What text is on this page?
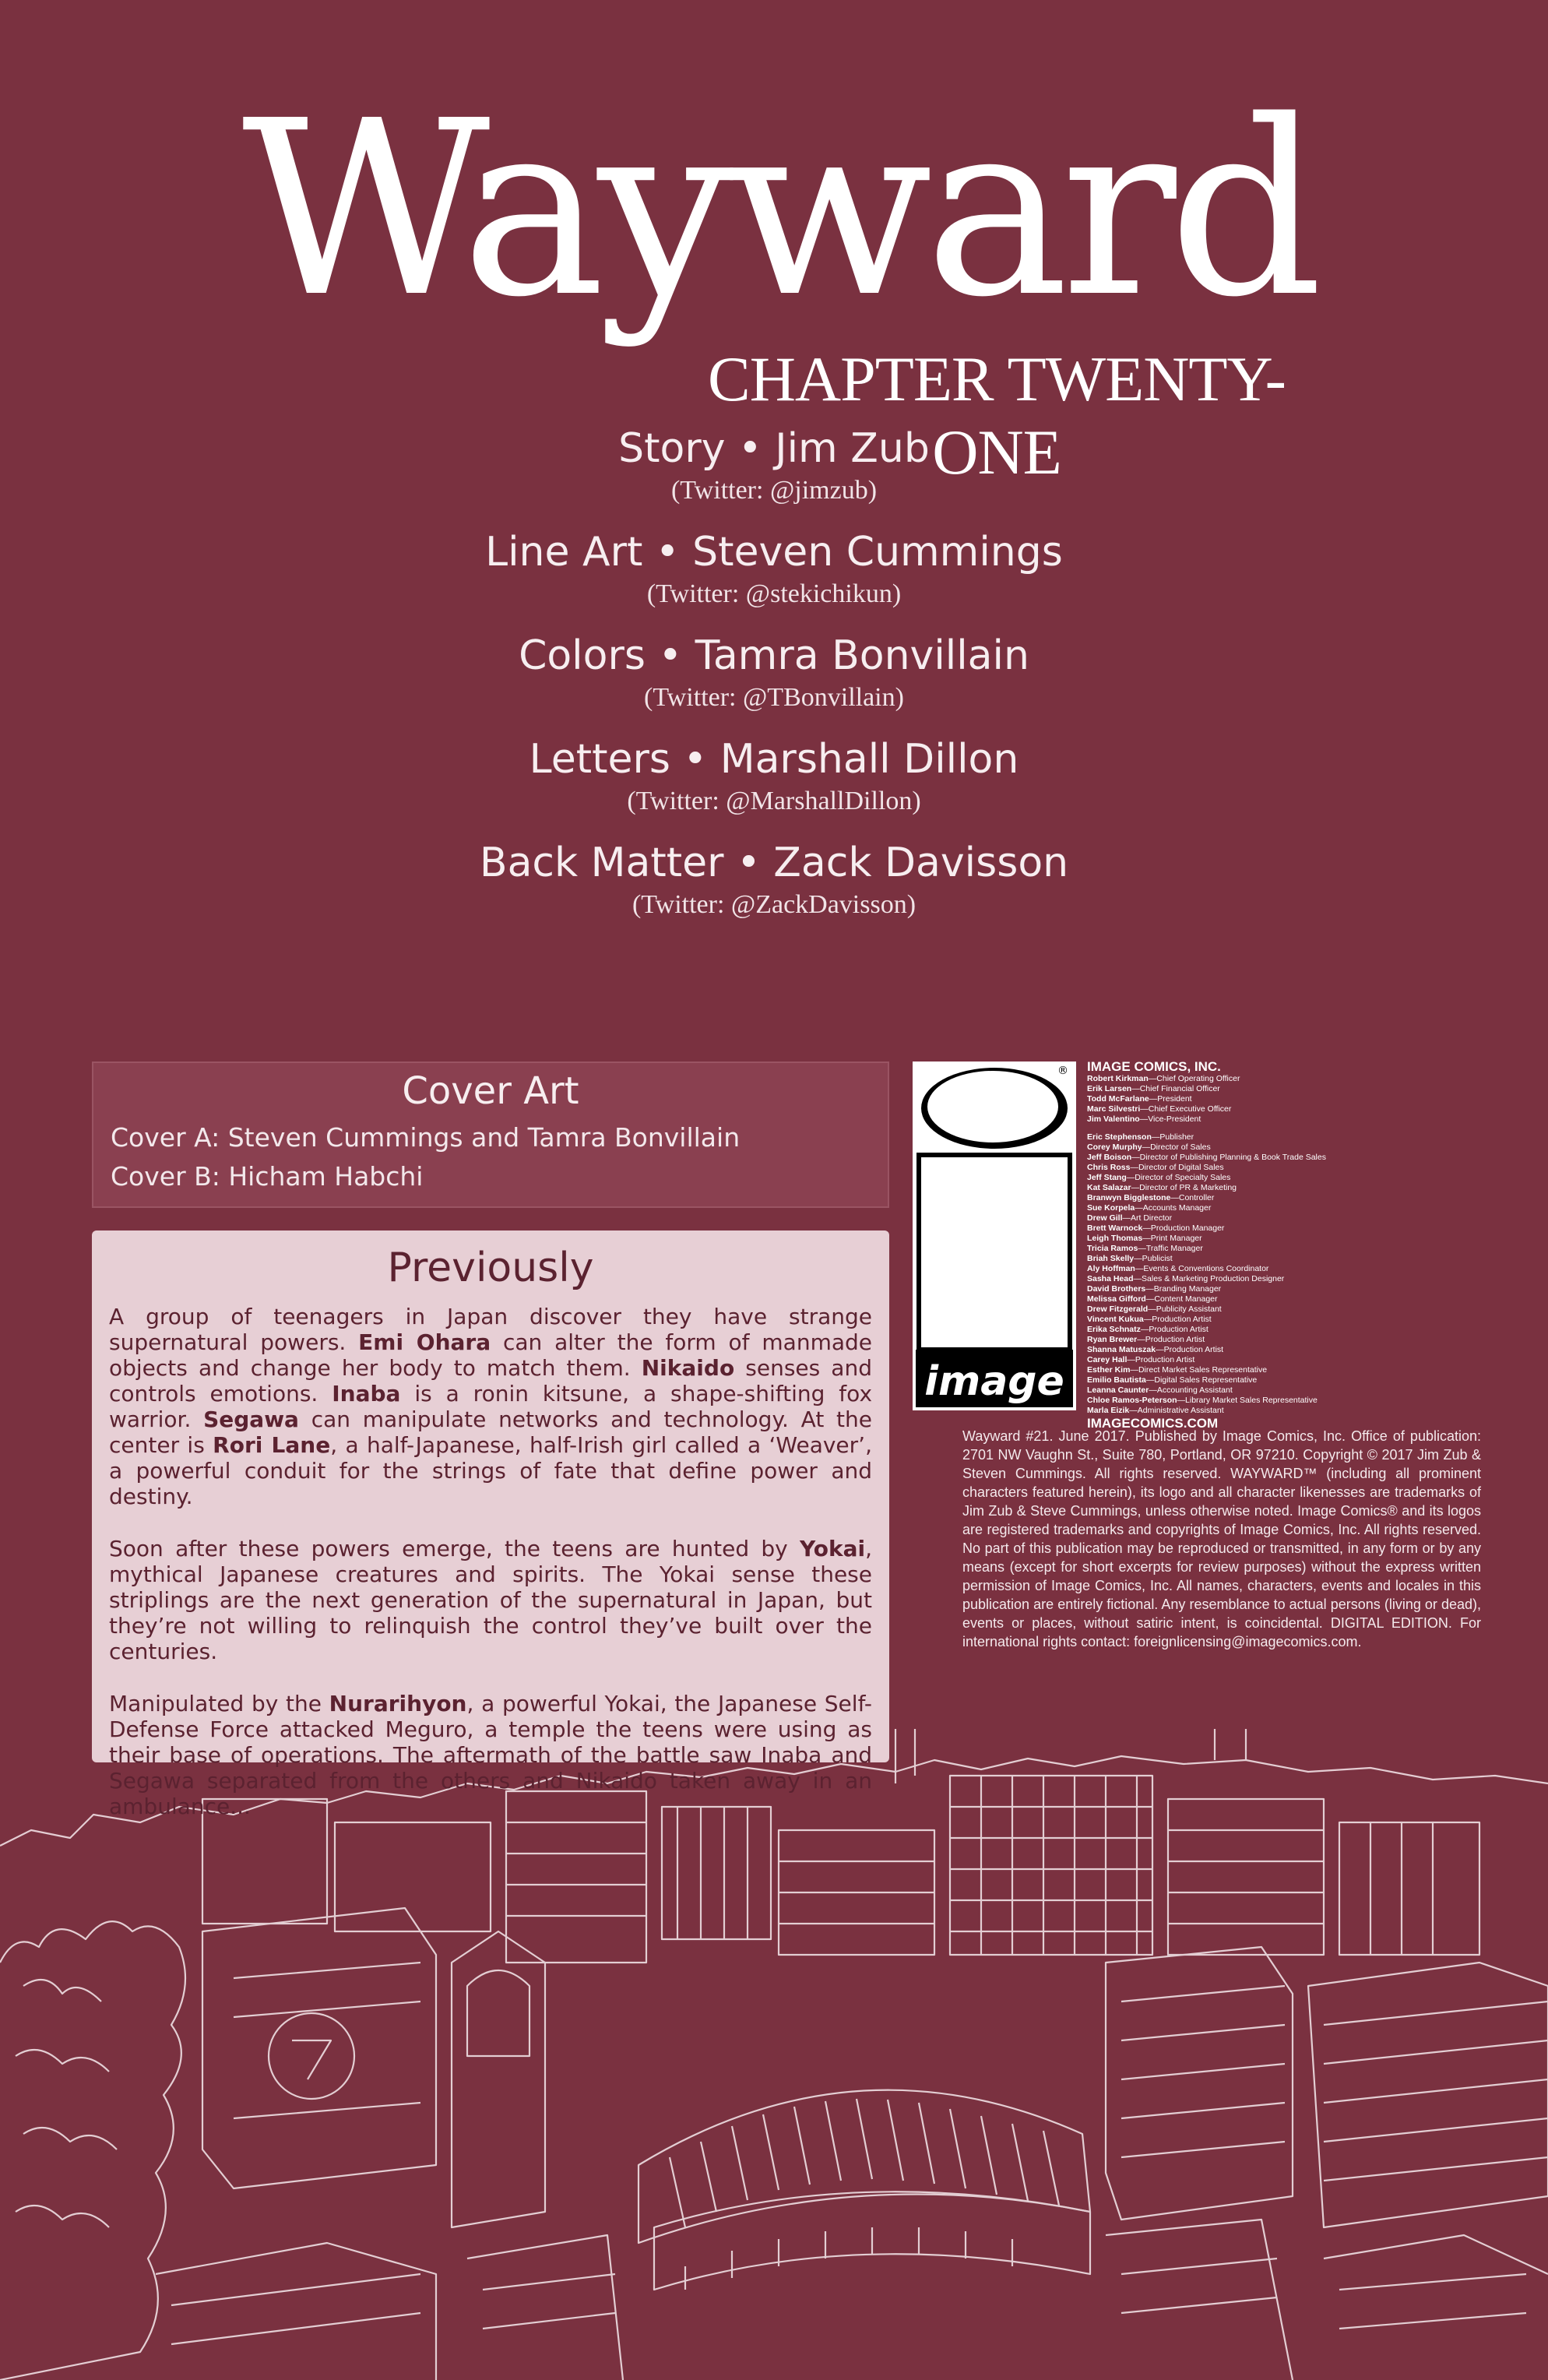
Wayward
CHAPTER TWENTY-ONE
Story • Jim Zub
(Twitter: @jimzub)
Line Art • Steven Cummings
(Twitter: @stekichikun)
Colors • Tamra Bonvillain
(Twitter: @TBonvillain)
Letters • Marshall Dillon
(Twitter: @MarshallDillon)
Back Matter • Zack Davisson
(Twitter: @ZackDavisson)
Cover Art
Cover A: Steven Cummings and Tamra Bonvillain
Cover B: Hicham Habchi
Previously

A group of teenagers in Japan discover they have strange supernatural powers. Emi Ohara can alter the form of manmade objects and change her body to match them. Nikaido senses and controls emotions. Inaba is a ronin kitsune, a shape-shifting fox warrior. Segawa can manipulate networks and technology. At the center is Rori Lane, a half-Japanese, half-Irish girl called a ‘Weaver’, a powerful conduit for the strings of fate that define power and destiny.

Soon after these powers emerge, the teens are hunted by Yokai, mythical Japanese creatures and spirits. The Yokai sense these striplings are the next generation of the supernatural in Japan, but they’re not willing to relinquish the control they’ve built over the centuries.

Manipulated by the Nurarihyon, a powerful Yokai, the Japanese Self-Defense Force attacked Meguro, a temple the teens were using as their base of operations. The aftermath of the battle saw Inaba and Segawa separated from the others and Nikaido taken away in an ambulance...

image
® IMAGE COMICS, INC.
Robert Kirkman—Chief Operating Officer
Erik Larsen—Chief Financial Officer
Todd McFarlane—President
Marc Silvestri—Chief Executive Officer
Jim Valentino—Vice-President
Eric Stephenson—Publisher
Corey Murphy—Director of Sales
Jeff Boison—Director of Publishing Planning & Book Trade Sales
Chris Ross—Director of Digital Sales
Jeff Stang—Director of Specialty Sales
Kat Salazar—Director of PR & Marketing
Branwyn Bigglestone—Controller
Sue Korpela—Accounts Manager
Drew Gill—Art Director
Brett Warnock—Production Manager
Leigh Thomas—Print Manager
Tricia Ramos—Traffic Manager
Briah Skelly—Publicist
Aly Hoffman—Events & Conventions Coordinator
Sasha Head—Sales & Marketing Production Designer
David Brothers—Branding Manager
Melissa Gifford—Content Manager
Drew Fitzgerald—Publicity Assistant
Vincent Kukua—Production Artist
Erika Schnatz—Production Artist
Ryan Brewer—Production Artist
Shanna Matuszak—Production Artist
Carey Hall—Production Artist
Esther Kim—Direct Market Sales Representative
Emilio Bautista—Digital Sales Representative
Leanna Caunter—Accounting Assistant
Chloe Ramos-Peterson—Library Market Sales Representative
Marla Eizik—Administrative Assistant
IMAGECOMICS.COM
Wayward #21. June 2017. Published by Image Comics, Inc. Office of publication: 2701 NW Vaughn St., Suite 780, Portland, OR 97210. Copyright © 2017 Jim Zub & Steven Cummings. All rights reserved. WAYWARD™ (including all prominent characters featured herein), its logo and all character likenesses are trademarks of Jim Zub & Steve Cummings, unless otherwise noted. Image Comics® and its logos are registered trademarks and copyrights of Image Comics, Inc. All rights reserved. No part of this publication may be reproduced or transmitted, in any form or by any means (except for short excerpts for review purposes) without the express written permission of Image Comics, Inc. All names, characters, events and locales in this publication are entirely fictional. Any resemblance to actual persons (living or dead), events or places, without satiric intent, is coincidental. DIGITAL EDITION. For international rights contact: foreignlicensing@imagecomics.com.
